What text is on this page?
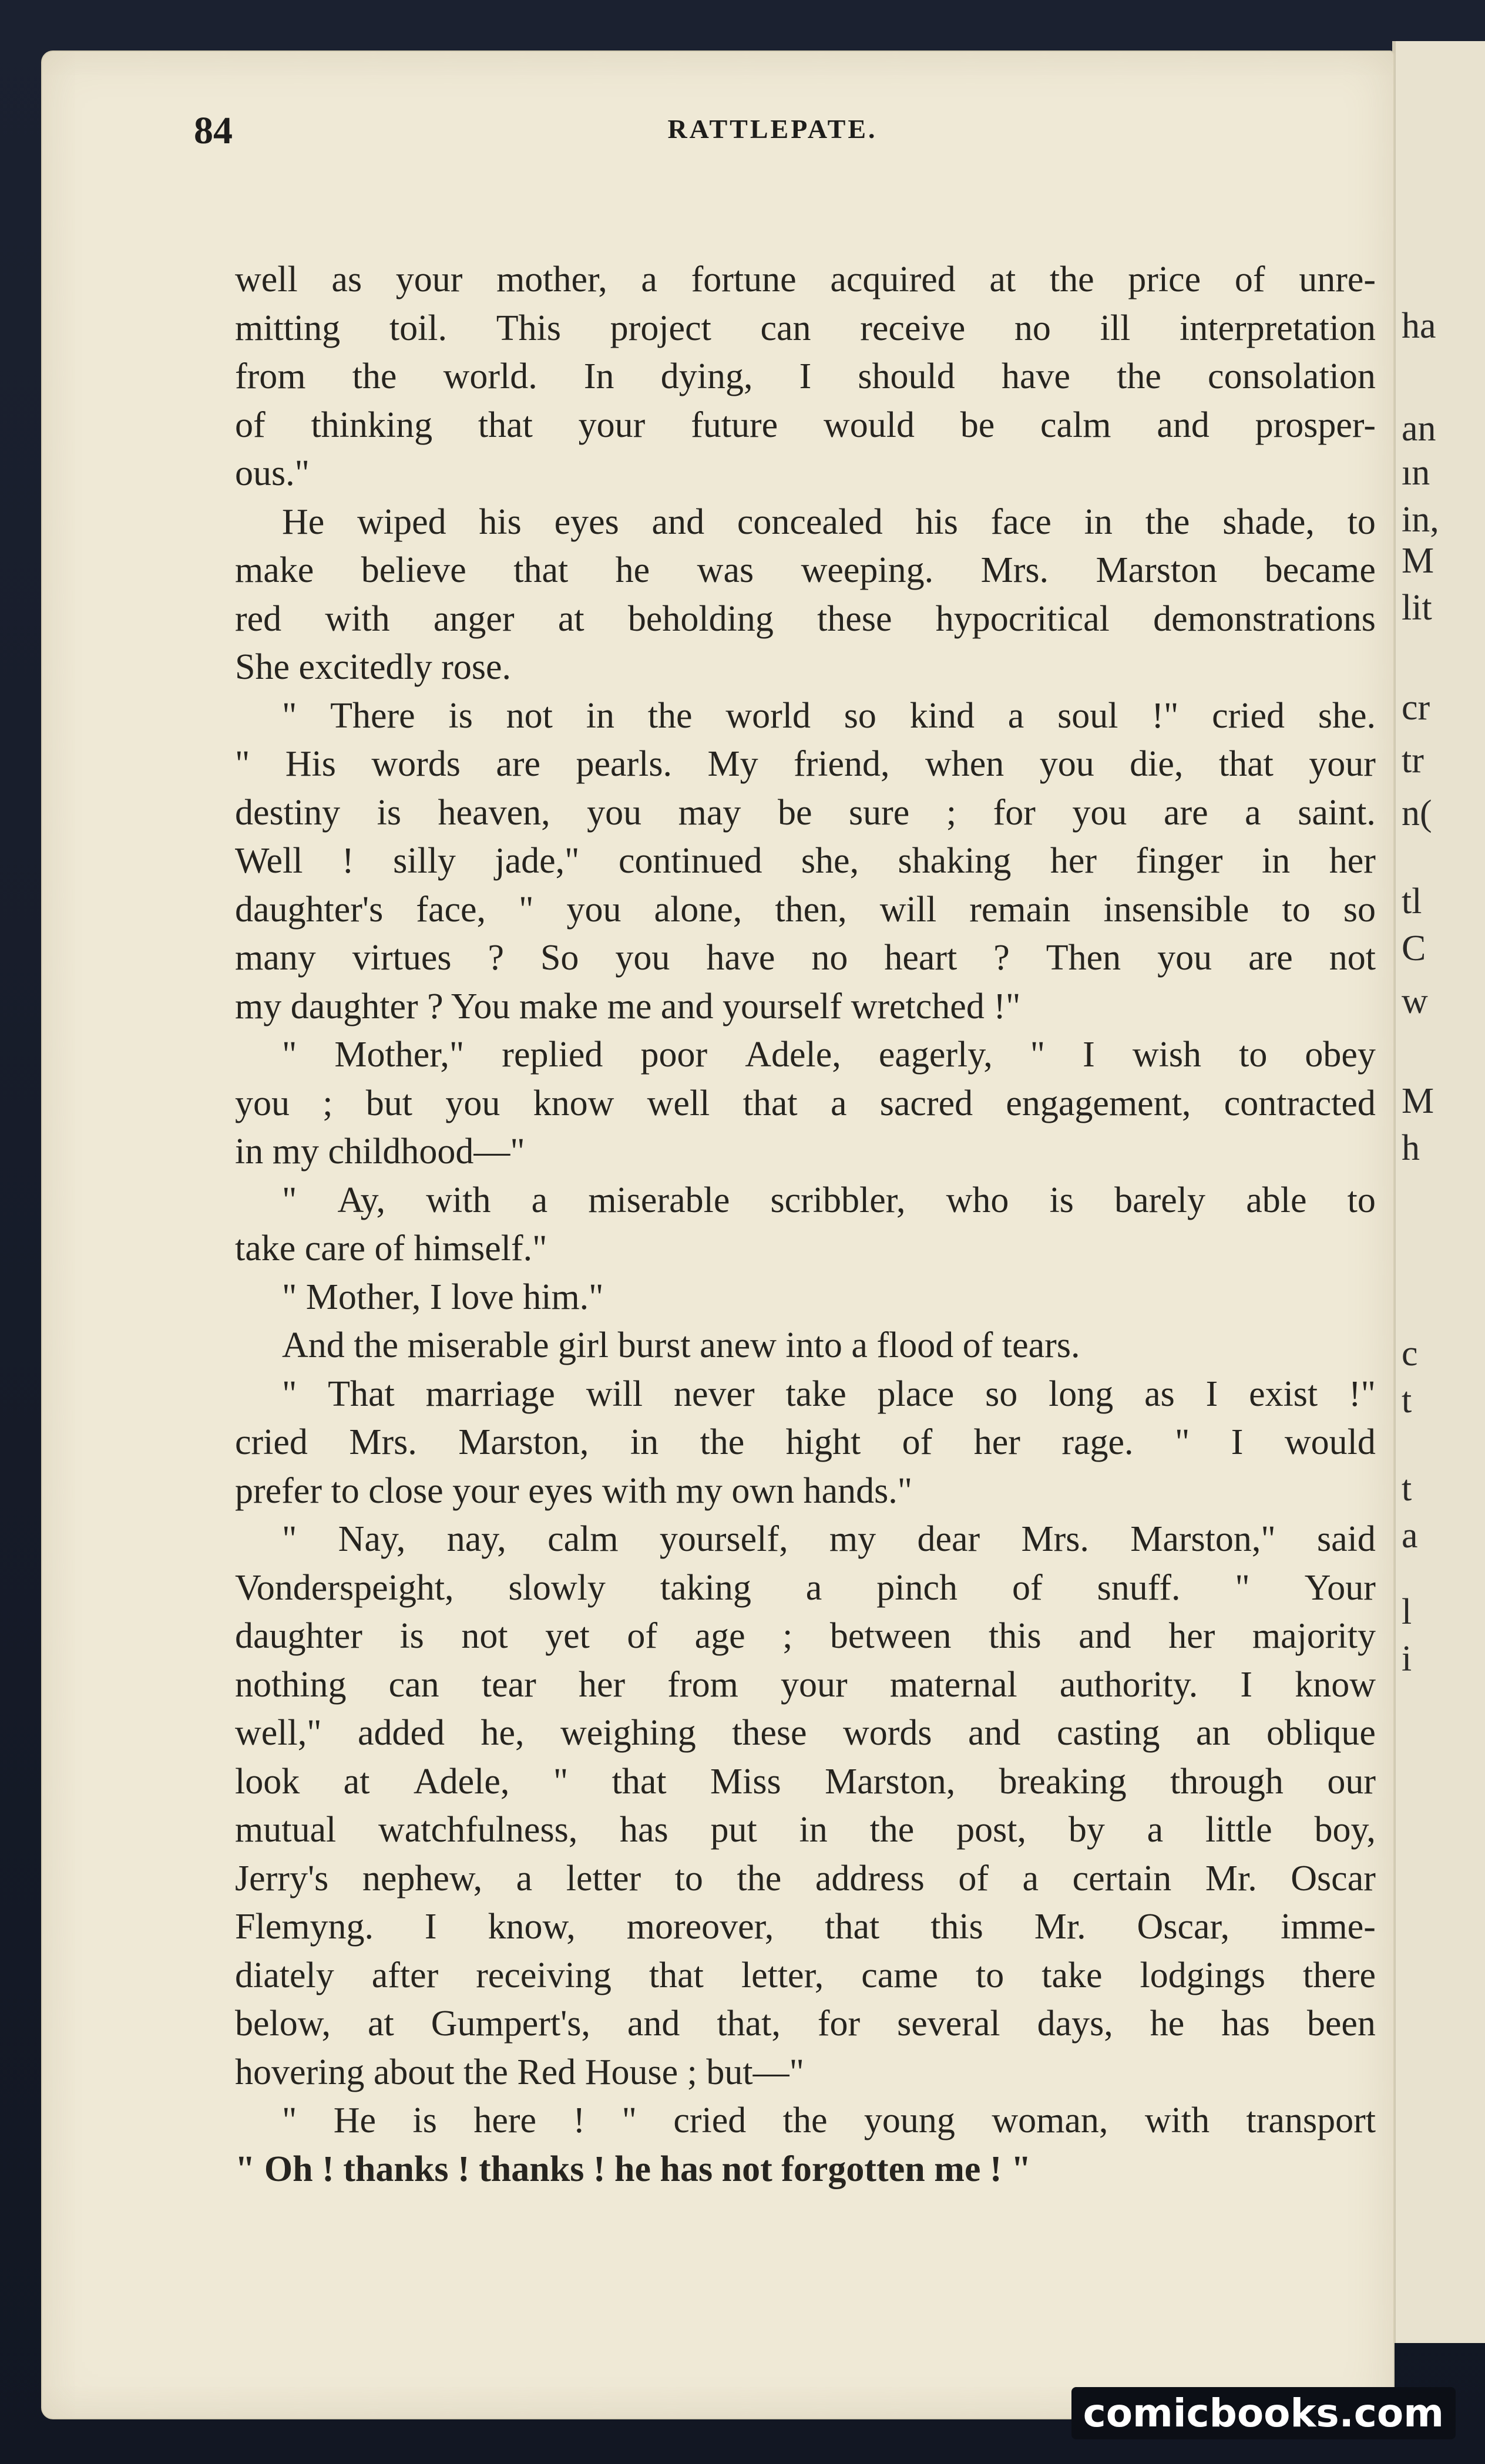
ha
an
ın
in,
M
lit
cr
tr
n(
tl
C
w
M
h
c
t
t
a
l
i
84	RATTLEPATE.
well as your mother, a fortune acquired at the price of unre-
mitting toil. This project can receive no ill interpretation
from the world. In dying, I should have the consolation
of thinking that your future would be calm and prosper-
ous."
He wiped his eyes and concealed his face in the shade, to
make believe that he was weeping. Mrs. Marston became
red with anger at beholding these hypocritical demonstrations
She excitedly rose.
" There is not in the world so kind a soul !" cried she.
" His words are pearls. My friend, when you die, that your
destiny is heaven, you may be sure ; for you are a saint.
Well ! silly jade," continued she, shaking her finger in her
daughter's face, " you alone, then, will remain insensible to so
many virtues ? So you have no heart ? Then you are not
my daughter ? You make me and yourself wretched !"
" Mother," replied poor Adele, eagerly, " I wish to obey
you ; but you know well that a sacred engagement, contracted
in my childhood—"
" Ay, with a miserable scribbler, who is barely able to
take care of himself."
" Mother, I love him."
And the miserable girl burst anew into a flood of tears.
" That marriage will never take place so long as I exist !"
cried Mrs. Marston, in the hight of her rage. " I would
prefer to close your eyes with my own hands."
" Nay, nay, calm yourself, my dear Mrs. Marston," said
Vonderspeight, slowly taking a pinch of snuff. " Your
daughter is not yet of age ; between this and her majority
nothing can tear her from your maternal authority. I know
well," added he, weighing these words and casting an oblique
look at Adele, " that Miss Marston, breaking through our
mutual watchfulness, has put in the post, by a little boy,
Jerry's nephew, a letter to the address of a certain Mr. Oscar
Flemyng. I know, moreover, that this Mr. Oscar, imme-
diately after receiving that letter, came to take lodgings there
below, at Gumpert's, and that, for several days, he has been
hovering about the Red House ; but—"
" He is here ! " cried the young woman, with transport
" Oh ! thanks ! thanks ! he has not forgotten me ! "
comicbooks.com
